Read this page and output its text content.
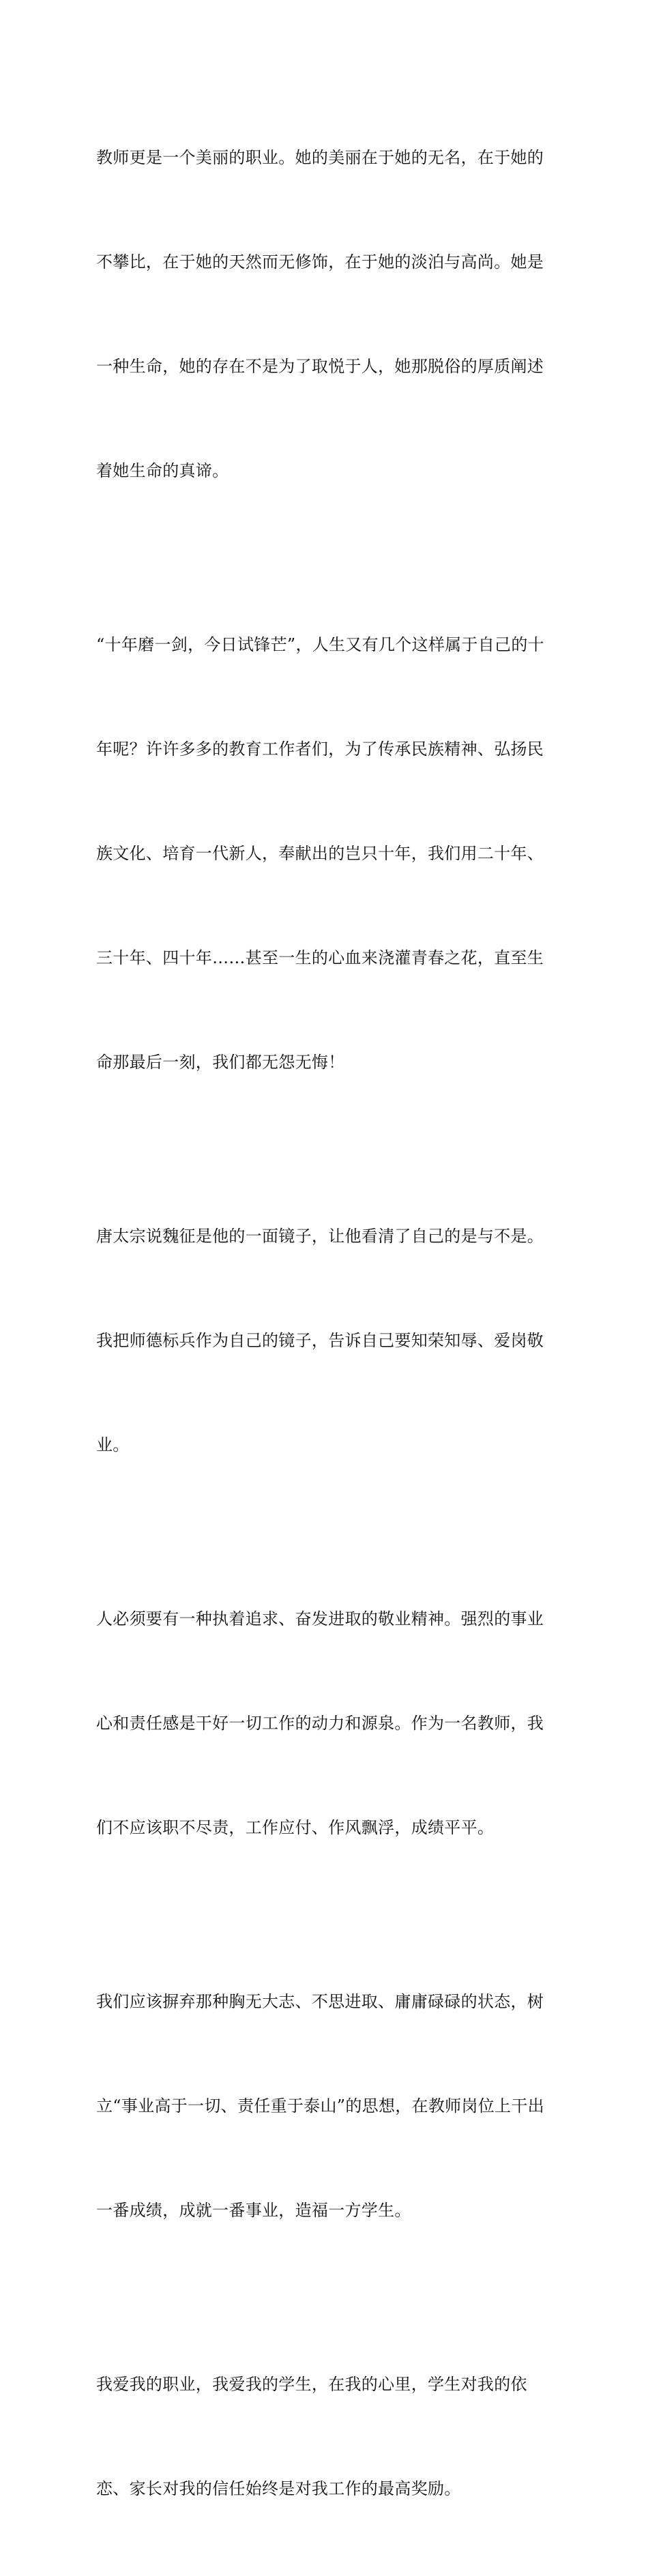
教师更是一个美丽的职业。她的美丽在于她的无名，在于她的

不攀比，在于她的天然而无修饰，在于她的淡泊与高尚。她是

一种生命，她的存在不是为了取悦于人，她那脱俗的厚质阐述

着她生命的真谛。

“十年磨一剑，今日试锋芒”，人生又有几个这样属于自己的十

年呢？许许多多的教育工作者们，为了传承民族精神、弘扬民

族文化、培育一代新人，奉献出的岂只十年，我们用二十年、

三十年、四十年……甚至一生的心血来浇灌青春之花，直至生

命那最后一刻，我们都无怨无悔！

唐太宗说魏征是他的一面镜子，让他看清了自己的是与不是。

我把师德标兵作为自己的镜子，告诉自己要知荣知辱、爱岗敬

业。

人必须要有一种执着追求、奋发进取的敬业精神。强烈的事业

心和责任感是干好一切工作的动力和源泉。作为一名教师，我

们不应该职不尽责，工作应付、作风飘浮，成绩平平。

我们应该摒弃那种胸无大志、不思进取、庸庸碌碌的状态，树

立“事业高于一切、责任重于泰山”的思想，在教师岗位上干出

一番成绩，成就一番事业，造福一方学生。

我爱我的职业，我爱我的学生，在我的心里，学生对我的依

恋、家长对我的信任始终是对我工作的最高奖励。
